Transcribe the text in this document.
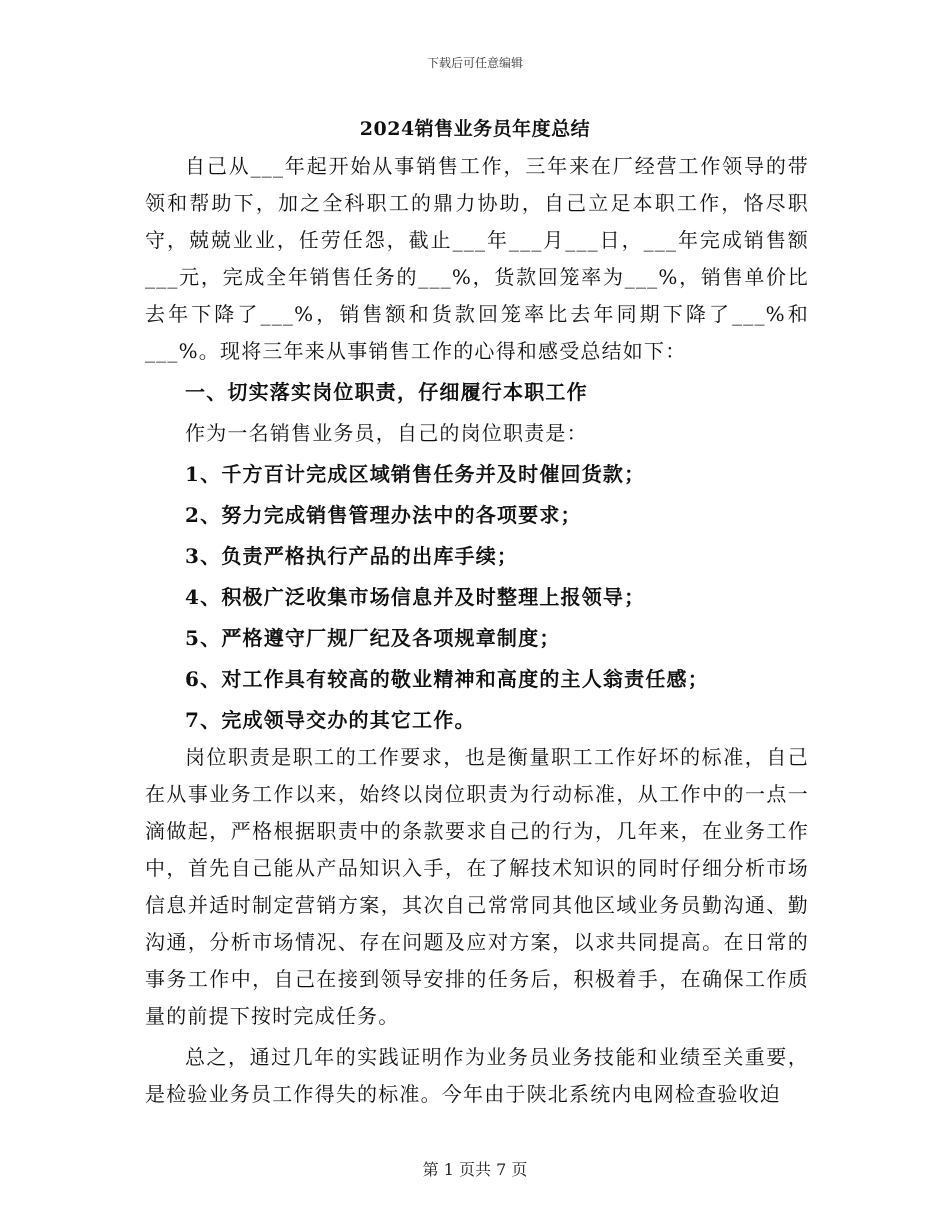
下载后可任意编辑
2024销售业务员年度总结

自己从___年起开始从事销售工作，三年来在厂经营工作领导的带领和帮助下，加之全科职工的鼎力协助，自己立足本职工作，恪尽职守，兢兢业业，任劳任怨，截止___年___月___日，___年完成销售额___元，完成全年销售任务的___%，货款回笼率为___%，销售单价比去年下降了___%，销售额和货款回笼率比去年同期下降了___%和___%。现将三年来从事销售工作的心得和感受总结如下：

一、切实落实岗位职责，仔细履行本职工作

作为一名销售业务员，自己的岗位职责是：

1、千方百计完成区域销售任务并及时催回货款；

2、努力完成销售管理办法中的各项要求；

3、负责严格执行产品的出库手续；

4、积极广泛收集市场信息并及时整理上报领导；

5、严格遵守厂规厂纪及各项规章制度；

6、对工作具有较高的敬业精神和高度的主人翁责任感；

7、完成领导交办的其它工作。

岗位职责是职工的工作要求，也是衡量职工工作好坏的标准，自己在从事业务工作以来，始终以岗位职责为行动标准，从工作中的一点一滴做起，严格根据职责中的条款要求自己的行为，几年来，在业务工作中，首先自己能从产品知识入手，在了解技术知识的同时仔细分析市场信息并适时制定营销方案，其次自己常常同其他区域业务员勤沟通、勤沟通，分析市场情况、存在问题及应对方案，以求共同提高。在日常的事务工作中，自己在接到领导安排的任务后，积极着手，在确保工作质量的前提下按时完成任务。

总之，通过几年的实践证明作为业务员业务技能和业绩至关重要，是检验业务员工作得失的标准。今年由于陕北系统内电网检查验收迫

第 1 页共 7 页
